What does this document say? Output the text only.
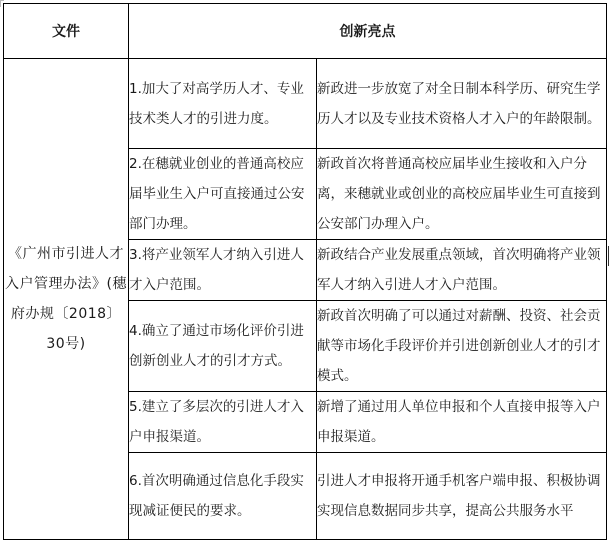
文件	创新亮点	
《广州市引进人才入户管理办法》(穗府办规〔2018〕30号)	1.加大了对高学历人才、专业技术类人才的引进力度。	新政进一步放宽了对全日制本科学历、研究生学历人才以及专业技术资格人才入户的年龄限制。
	2.在穗就业创业的普通高校应届毕业生入户可直接通过公安部门办理。	新政首次将普通高校应届毕业生接收和入户分离，来穗就业或创业的高校应届毕业生可直接到公安部门办理入户。
	3.将产业领军人才纳入引进人才入户范围。	新政结合产业发展重点领域，首次明确将产业领军人才纳入引进人才入户范围。
	4.确立了通过市场化评价引进创新创业人才的引才方式。	新政首次明确了可以通过对薪酬、投资、社会贡献等市场化手段评价并引进创新创业人才的引才模式。
	5.建立了多层次的引进人才入户申报渠道。	新增了通过用人单位申报和个人直接申报等入户申报渠道。
	6.首次明确通过信息化手段实现减证便民的要求。	引进人才申报将开通手机客户端申报、积极协调实现信息数据同步共享，提高公共服务水平
